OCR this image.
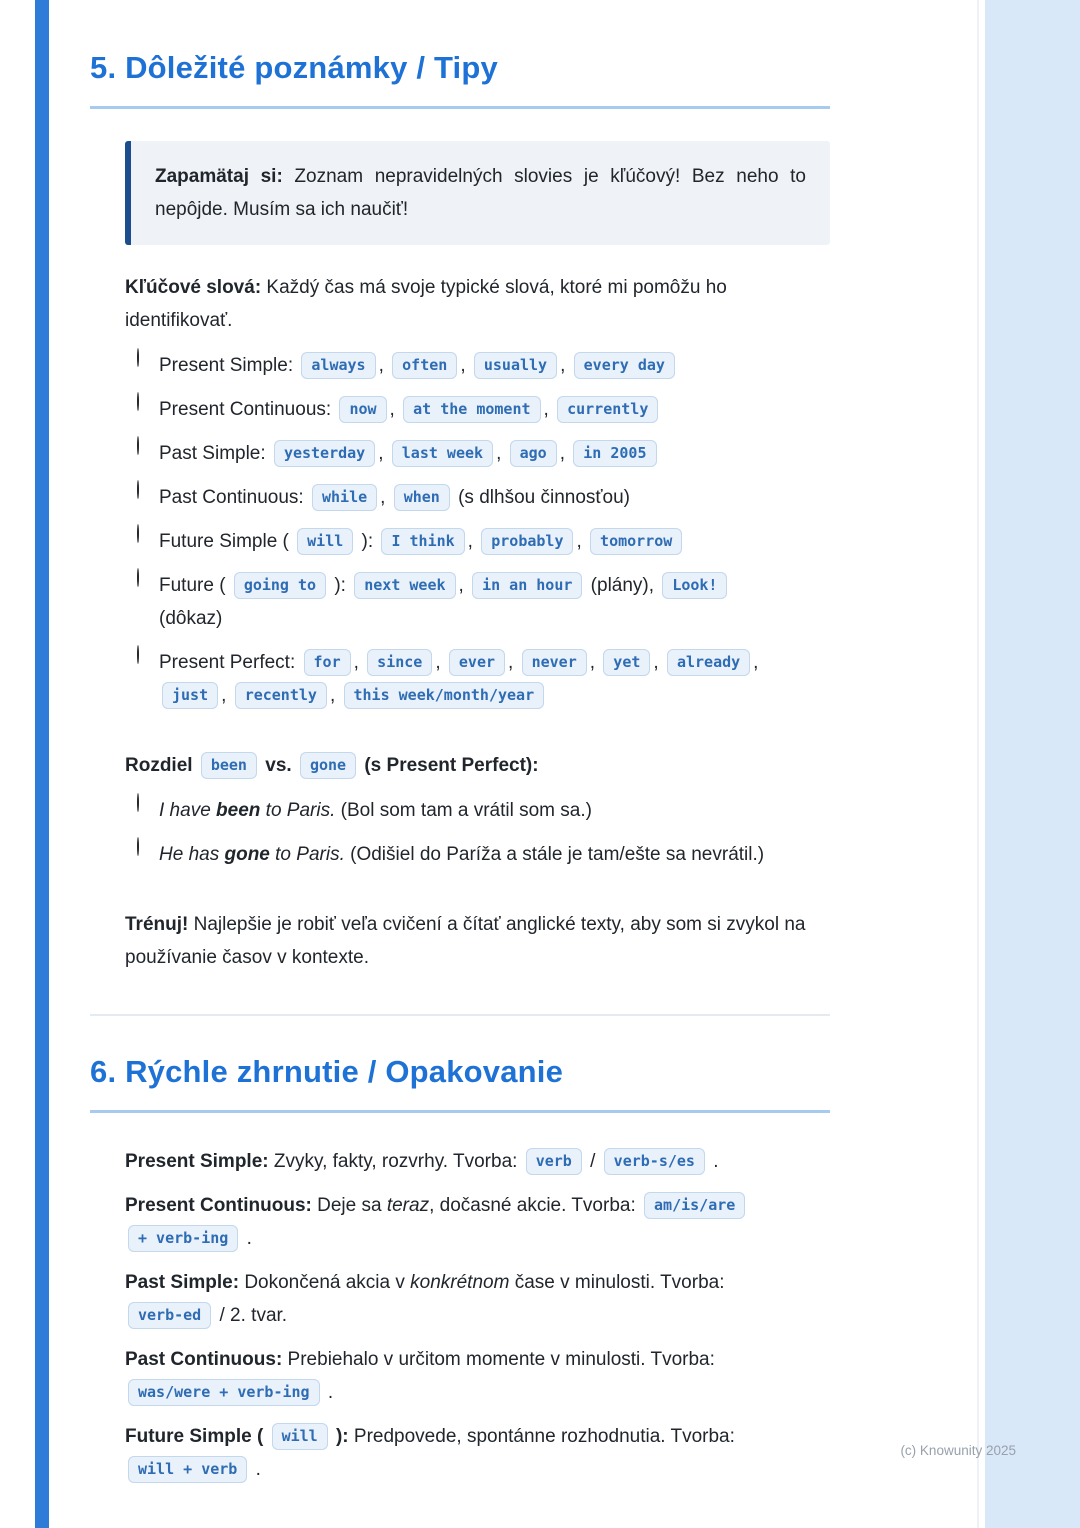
5. Dôležité poznámky / Tipy

Zapamätaj si: Zoznam nepravidelných slovies je kľúčový! Bez neho to nepôjde. Musím sa ich naučiť!

Kľúčové slová: Každý čas má svoje typické slová, ktoré mi pomôžu ho identifikovať.

Present Simple: always , often , usually , every day

Present Continuous: now , at the moment , currently

Past Simple: yesterday , last week , ago , in 2005

Past Continuous: while , when (s dlhšou činnosťou)

Future Simple ( will ): I think , probably , tomorrow

Future ( going to ): next week , in an hour (plány), Look!
(dôkaz)

Present Perfect: for , since , ever , never , yet , already ,
just , recently , this week/month/year

Rozdiel been vs. gone (s Present Perfect):

I have been to Paris. (Bol som tam a vrátil som sa.)

He has gone to Paris. (Odišiel do Paríža a stále je tam/ešte sa nevrátil.)

Trénuj! Najlepšie je robiť veľa cvičení a čítať anglické texty, aby som si zvykol na používanie časov v kontexte.

6. Rýchle zhrnutie / Opakovanie

Present Simple: Zvyky, fakty, rozvrhy. Tvorba: verb / verb-s/es .

Present Continuous: Deje sa teraz, dočasné akcie. Tvorba: am/is/are
+ verb-ing .

Past Simple: Dokončená akcia v konkrétnom čase v minulosti. Tvorba:
verb-ed / 2. tvar.

Past Continuous: Prebiehalo v určitom momente v minulosti. Tvorba:
was/were + verb-ing .

Future Simple ( will ): Predpovede, spontánne rozhodnutia. Tvorba:
will + verb .

(c) Knowunity 2025
